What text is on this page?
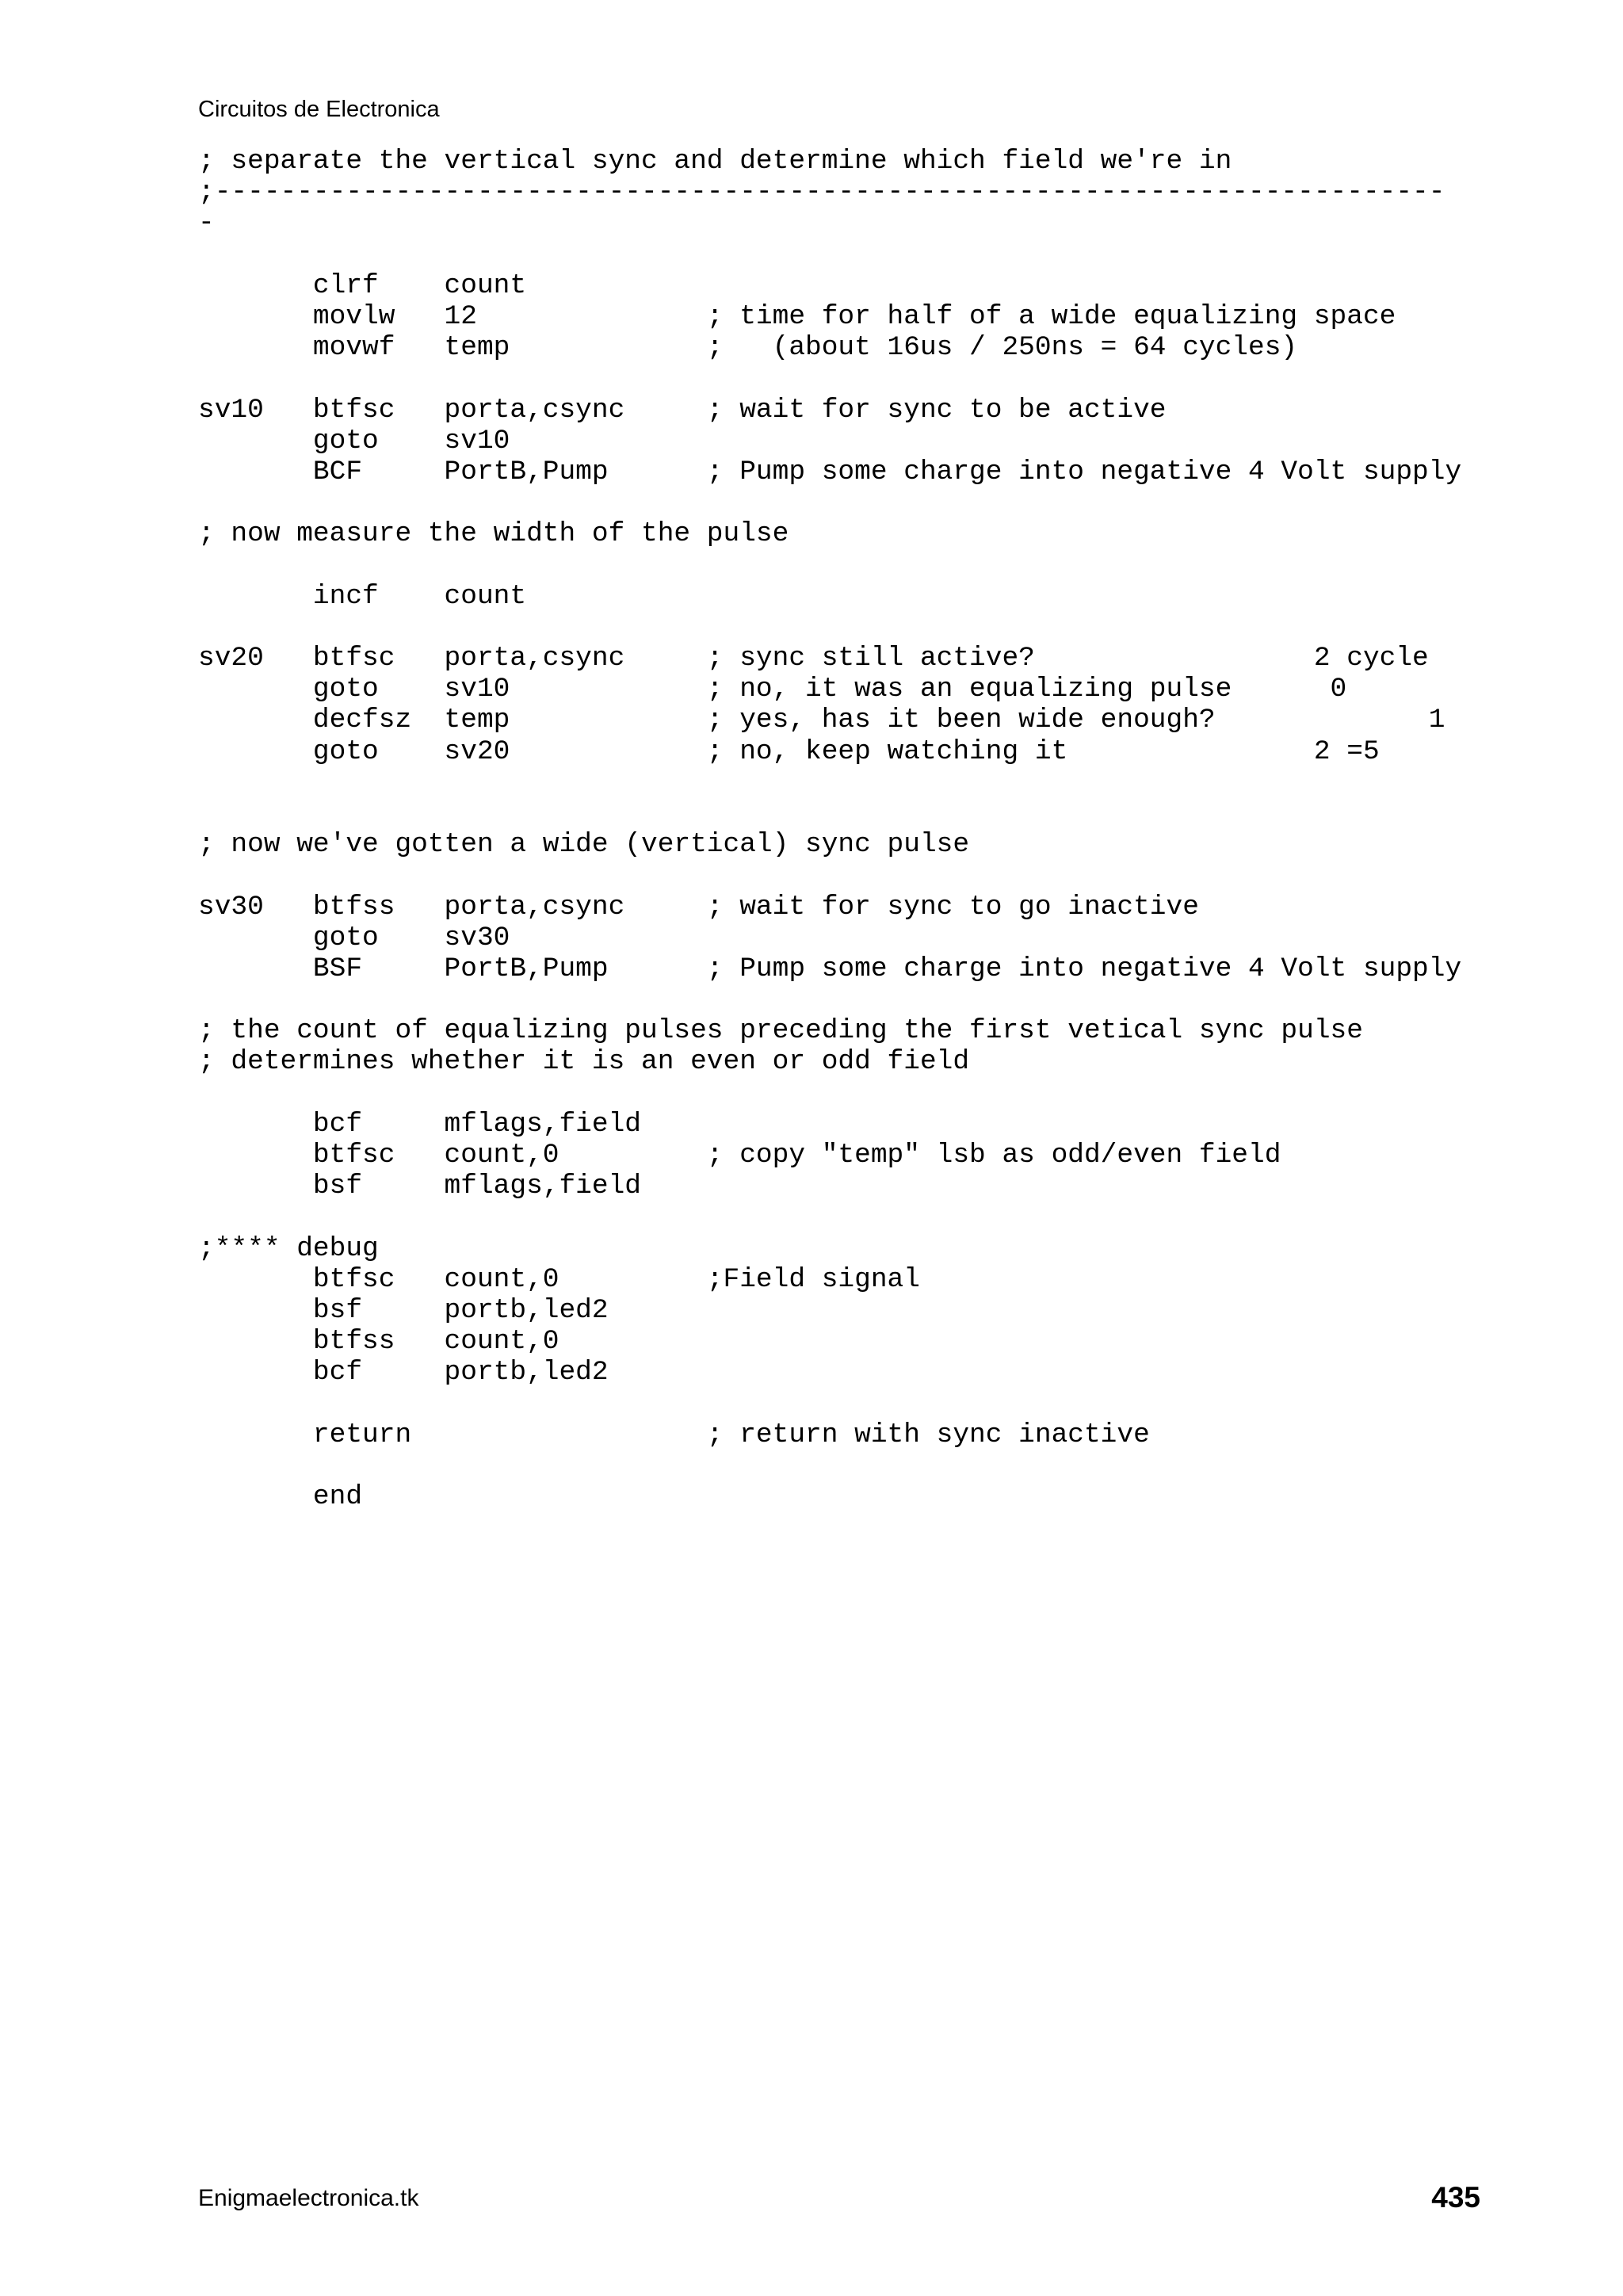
Circuitos de Electronica
; separate the vertical sync and determine which field we're in
;---------------------------------------------------------------------------
-
clrf    count
movlw   12              ; time for half of a wide equalizing space
movwf   temp            ;   (about 16us / 250ns = 64 cycles)
sv10   btfsc   porta,csync     ; wait for sync to be active
goto    sv10
BCF     PortB,Pump      ; Pump some charge into negative 4 Volt supply
; now measure the width of the pulse
incf    count
sv20   btfsc   porta,csync     ; sync still active?                 2 cycle
goto    sv10            ; no, it was an equalizing pulse      0
decfsz  temp            ; yes, has it been wide enough?             1
goto    sv20            ; no, keep watching it               2 =5
; now we've gotten a wide (vertical) sync pulse
sv30   btfss   porta,csync     ; wait for sync to go inactive
goto    sv30
BSF     PortB,Pump      ; Pump some charge into negative 4 Volt supply
; the count of equalizing pulses preceding the first vetical sync pulse
; determines whether it is an even or odd field
bcf     mflags,field
btfsc   count,0         ; copy "temp" lsb as odd/even field
bsf     mflags,field
;**** debug
btfsc   count,0         ;Field signal
bsf     portb,led2
btfss   count,0
bcf     portb,led2
return                  ; return with sync inactive
end
Enigmaelectronica.tk	435
